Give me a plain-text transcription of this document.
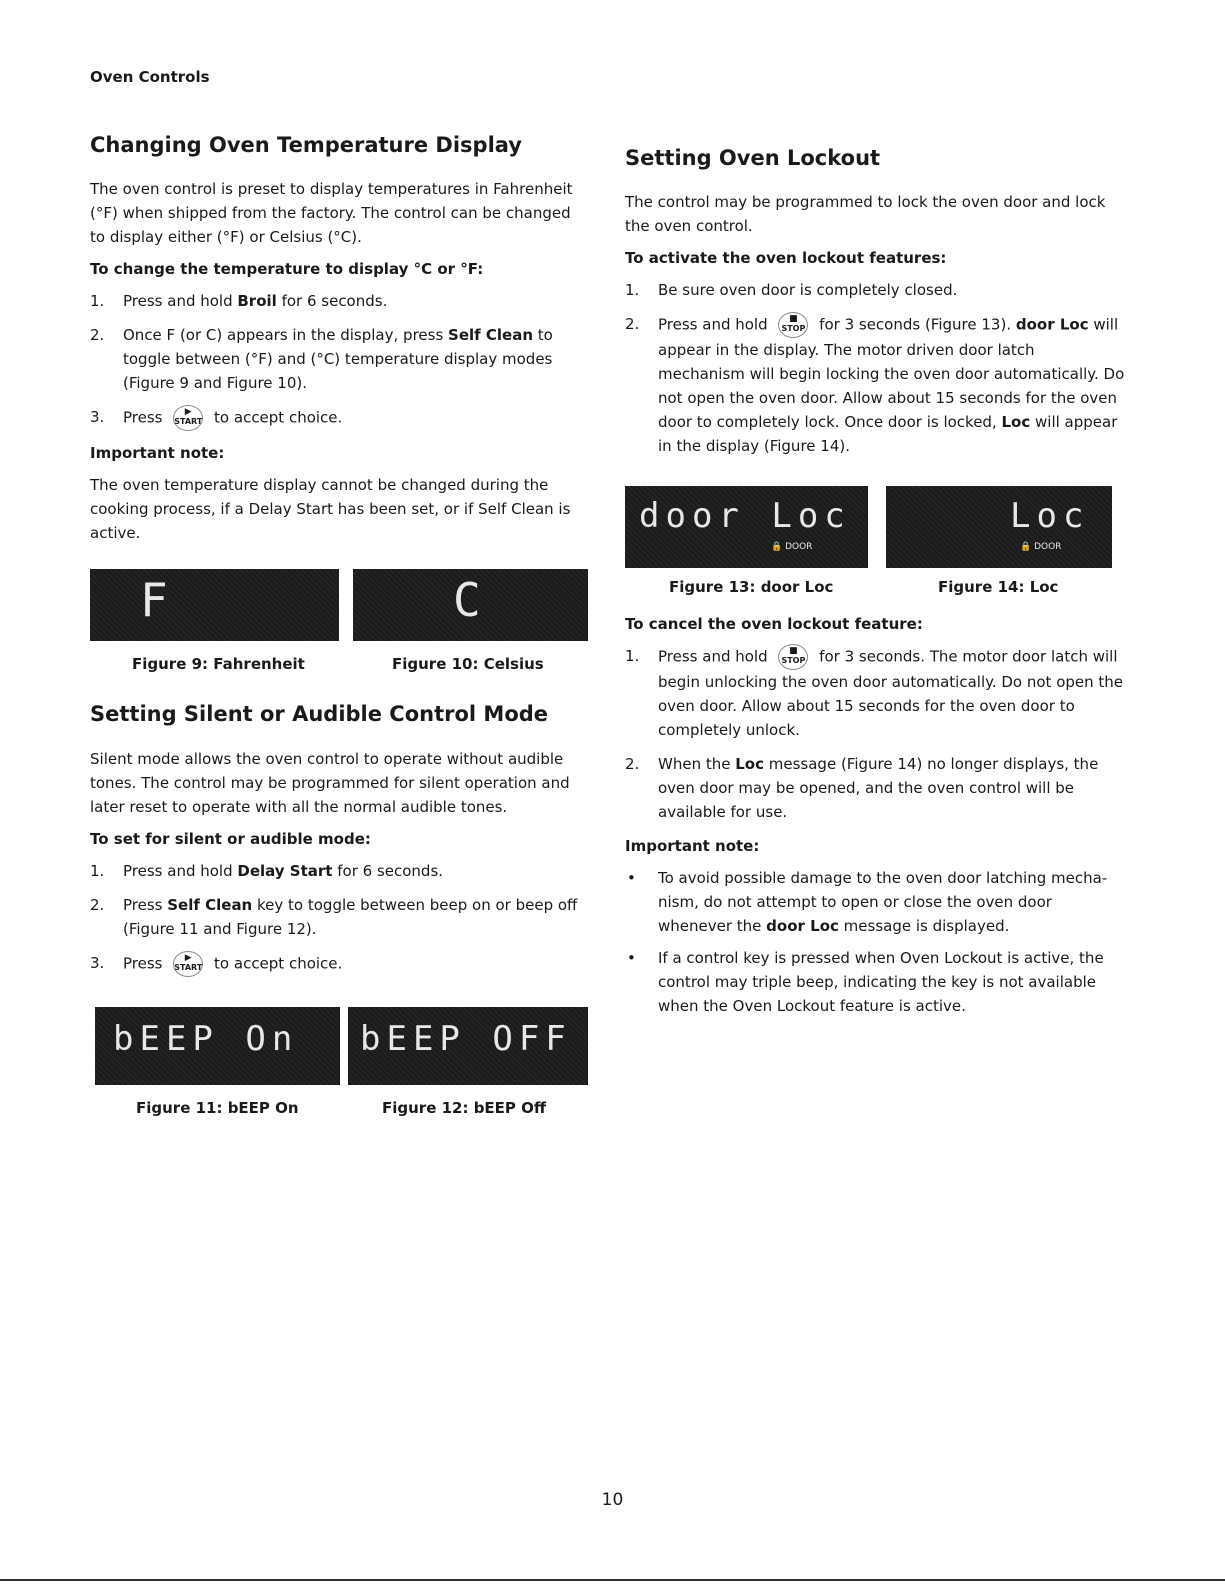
Oven Controls
Changing Oven Temperature Display

The oven control is preset to display temperatures in Fahrenheit (°F) when shipped from the factory. The control can be changed to display either (°F) or Celsius (°C).

To change the temperature to display °C or °F:
1. Press and hold Broil for 6 seconds.
2. Once F (or C) appears in the display, press Self Clean to toggle between (°F) and (°C) temperature display modes (Figure 9 and Figure 10).
3. Press	▶
START to accept choice.
Important note:

The oven temperature display cannot be changed during the cooking process, if a Delay Start has been set, or if Self Clean is active.

F	C
Figure 9: Fahrenheit	Figure 10: Celsius
Setting Silent or Audible Control Mode

Silent mode allows the oven control to operate without audible tones. The control may be programmed for silent operation and later reset to operate with all the normal audible tones.

To set for silent or audible mode:
1. Press and hold Delay Start for 6 seconds.
2. Press Self Clean key to toggle between beep on or beep off (Figure 11 and Figure 12).
3. Press	▶
START to accept choice.
bEEP On bEEP OFF
Figure 11: bEEP On	Figure 12: bEEP Off
Setting Oven Lockout

The control may be programmed to lock the oven door and lock the oven control.

To activate the oven lockout features:
1. Be sure oven door is completely closed.
2. Press and hold	■
STOP for 3 seconds (Figure 13). door Loc will appear in the display. The motor driven door latch mechanism will begin locking the oven door automatically. Do not open the oven door. Allow about 15 seconds for the oven door to completely lock. Once door is locked, Loc will appear in the display (Figure 14).
door Loc
🔒 DOOR
Loc
🔒 DOOR
Figure 13: door Loc	Figure 14: Loc
To cancel the oven lockout feature:
1. Press and hold	■
STOP for 3 seconds. The motor door latch will begin unlocking the oven door automatically. Do not open the oven door. Allow about 15 seconds for the oven door to completely unlock.
2. When the Loc message (Figure 14) no longer displays, the oven door may be opened, and the oven control will be available for use.
Important note:
• To avoid possible damage to the oven door latching mecha- nism, do not attempt to open or close the oven door whenever the door Loc message is displayed.
• If a control key is pressed when Oven Lockout is active, the control may triple beep, indicating the key is not available when the Oven Lockout feature is active.
10
